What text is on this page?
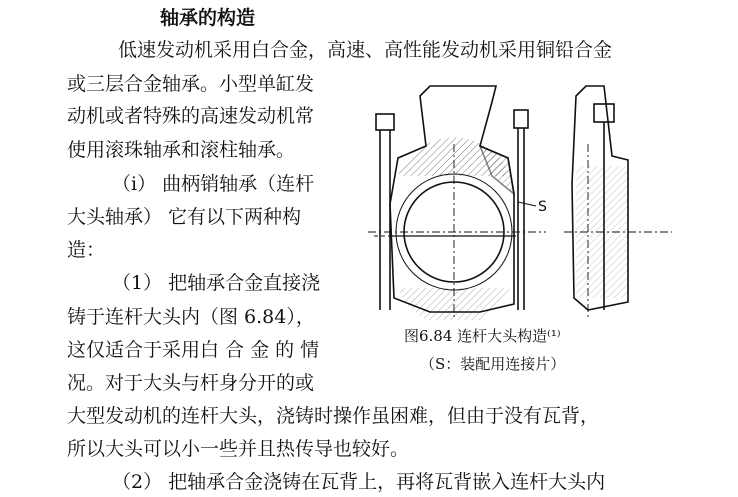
轴承的构造
低速发动机采用白合金，高速、高性能发动机采用铜铅合金
或三层合金轴承。小型单缸发
动机或者特殊的高速发动机常
使用滚珠轴承和滚柱轴承。
（ⅰ） 曲柄销轴承（连杆
大头轴承） 它有以下两种构
造：
（1） 把轴承合金直接浇
铸于连杆大头内（图 6.84），
这仅适合于采用白 合 金 的 情
况。对于大头与杆身分开的或
大型发动机的连杆大头，浇铸时操作虽困难，但由于没有瓦背，
所以大头可以小一些并且热传导也较好。
（2） 把轴承合金浇铸在瓦背上，再将瓦背嵌入连杆大头内
S
图6.84 连杆大头构造⁽¹⁾
（S：装配用连接片）
